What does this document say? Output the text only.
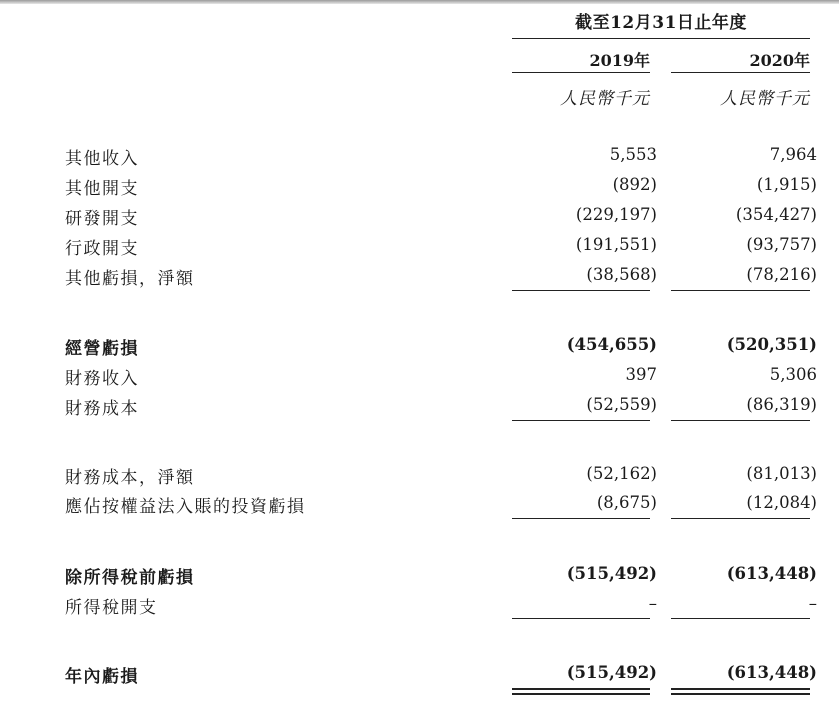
截至12月31日止年度
2019年	2020年
人民幣千元	人民幣千元
其他收入	5,553	7,964
其他開支	(892)	(1,915)
研發開支	(229,197)	(354,427)
行政開支	(191,551)	(93,757)
其他虧損，淨額	(38,568)	(78,216)
經營虧損	(454,655)	(520,351)
財務收入	397	5,306
財務成本	(52,559)	(86,319)
財務成本，淨額	(52,162)	(81,013)
應佔按權益法入賬的投資虧損	(8,675)	(12,084)
除所得稅前虧損	(515,492)	(613,448)
所得稅開支	–	–
年內虧損	(515,492)	(613,448)
